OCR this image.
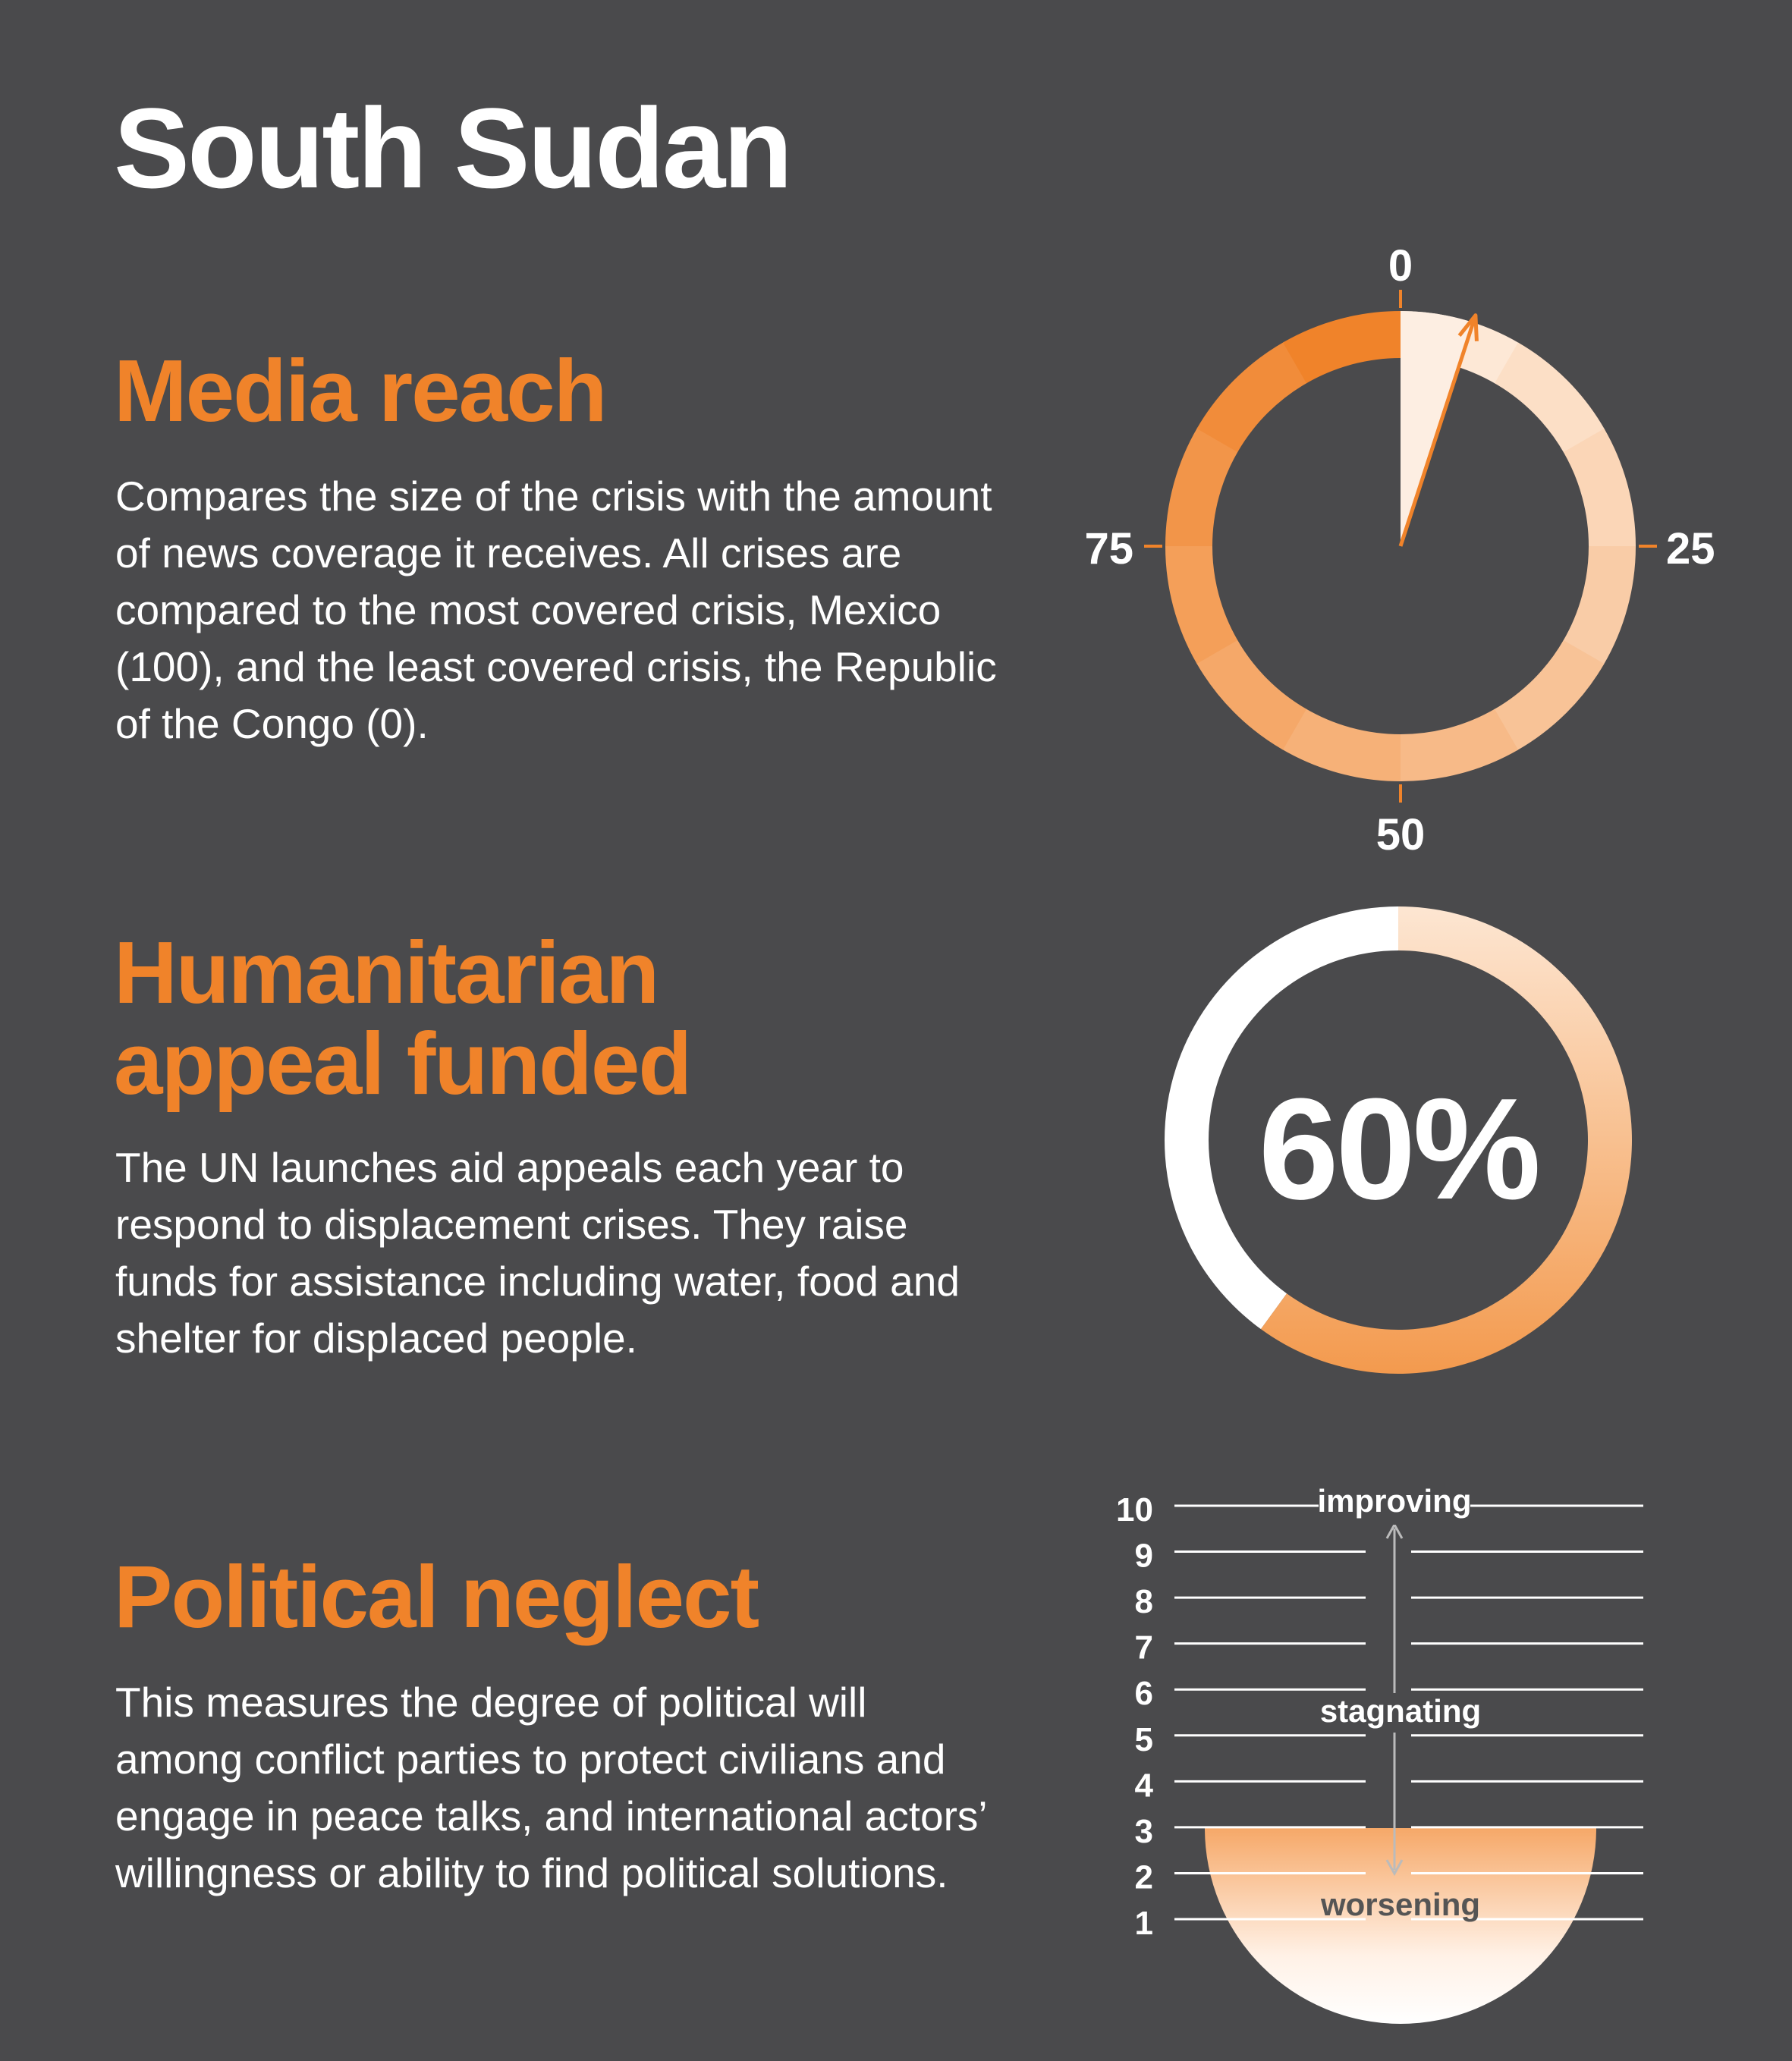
South Sudan
Media reach

Compares the size of the crisis with the amount of news coverage it receives. All crises are compared to the most covered crisis, Mexico (100), and the least covered crisis, the Republic of the Congo (0).

Humanitarian appeal funded

The UN launches aid appeals each year to respond to displacement crises. They raise funds for assistance including water, food and shelter for displaced people.

Political neglect

This measures the degree of political will among conflict parties to protect civilians and engage in peace talks, and international actors’ willingness or ability to find political solutions.

0
25
50
75
60%
10
9
8
7
6
5
4
3
2
1
improving
stagnating
worsening
